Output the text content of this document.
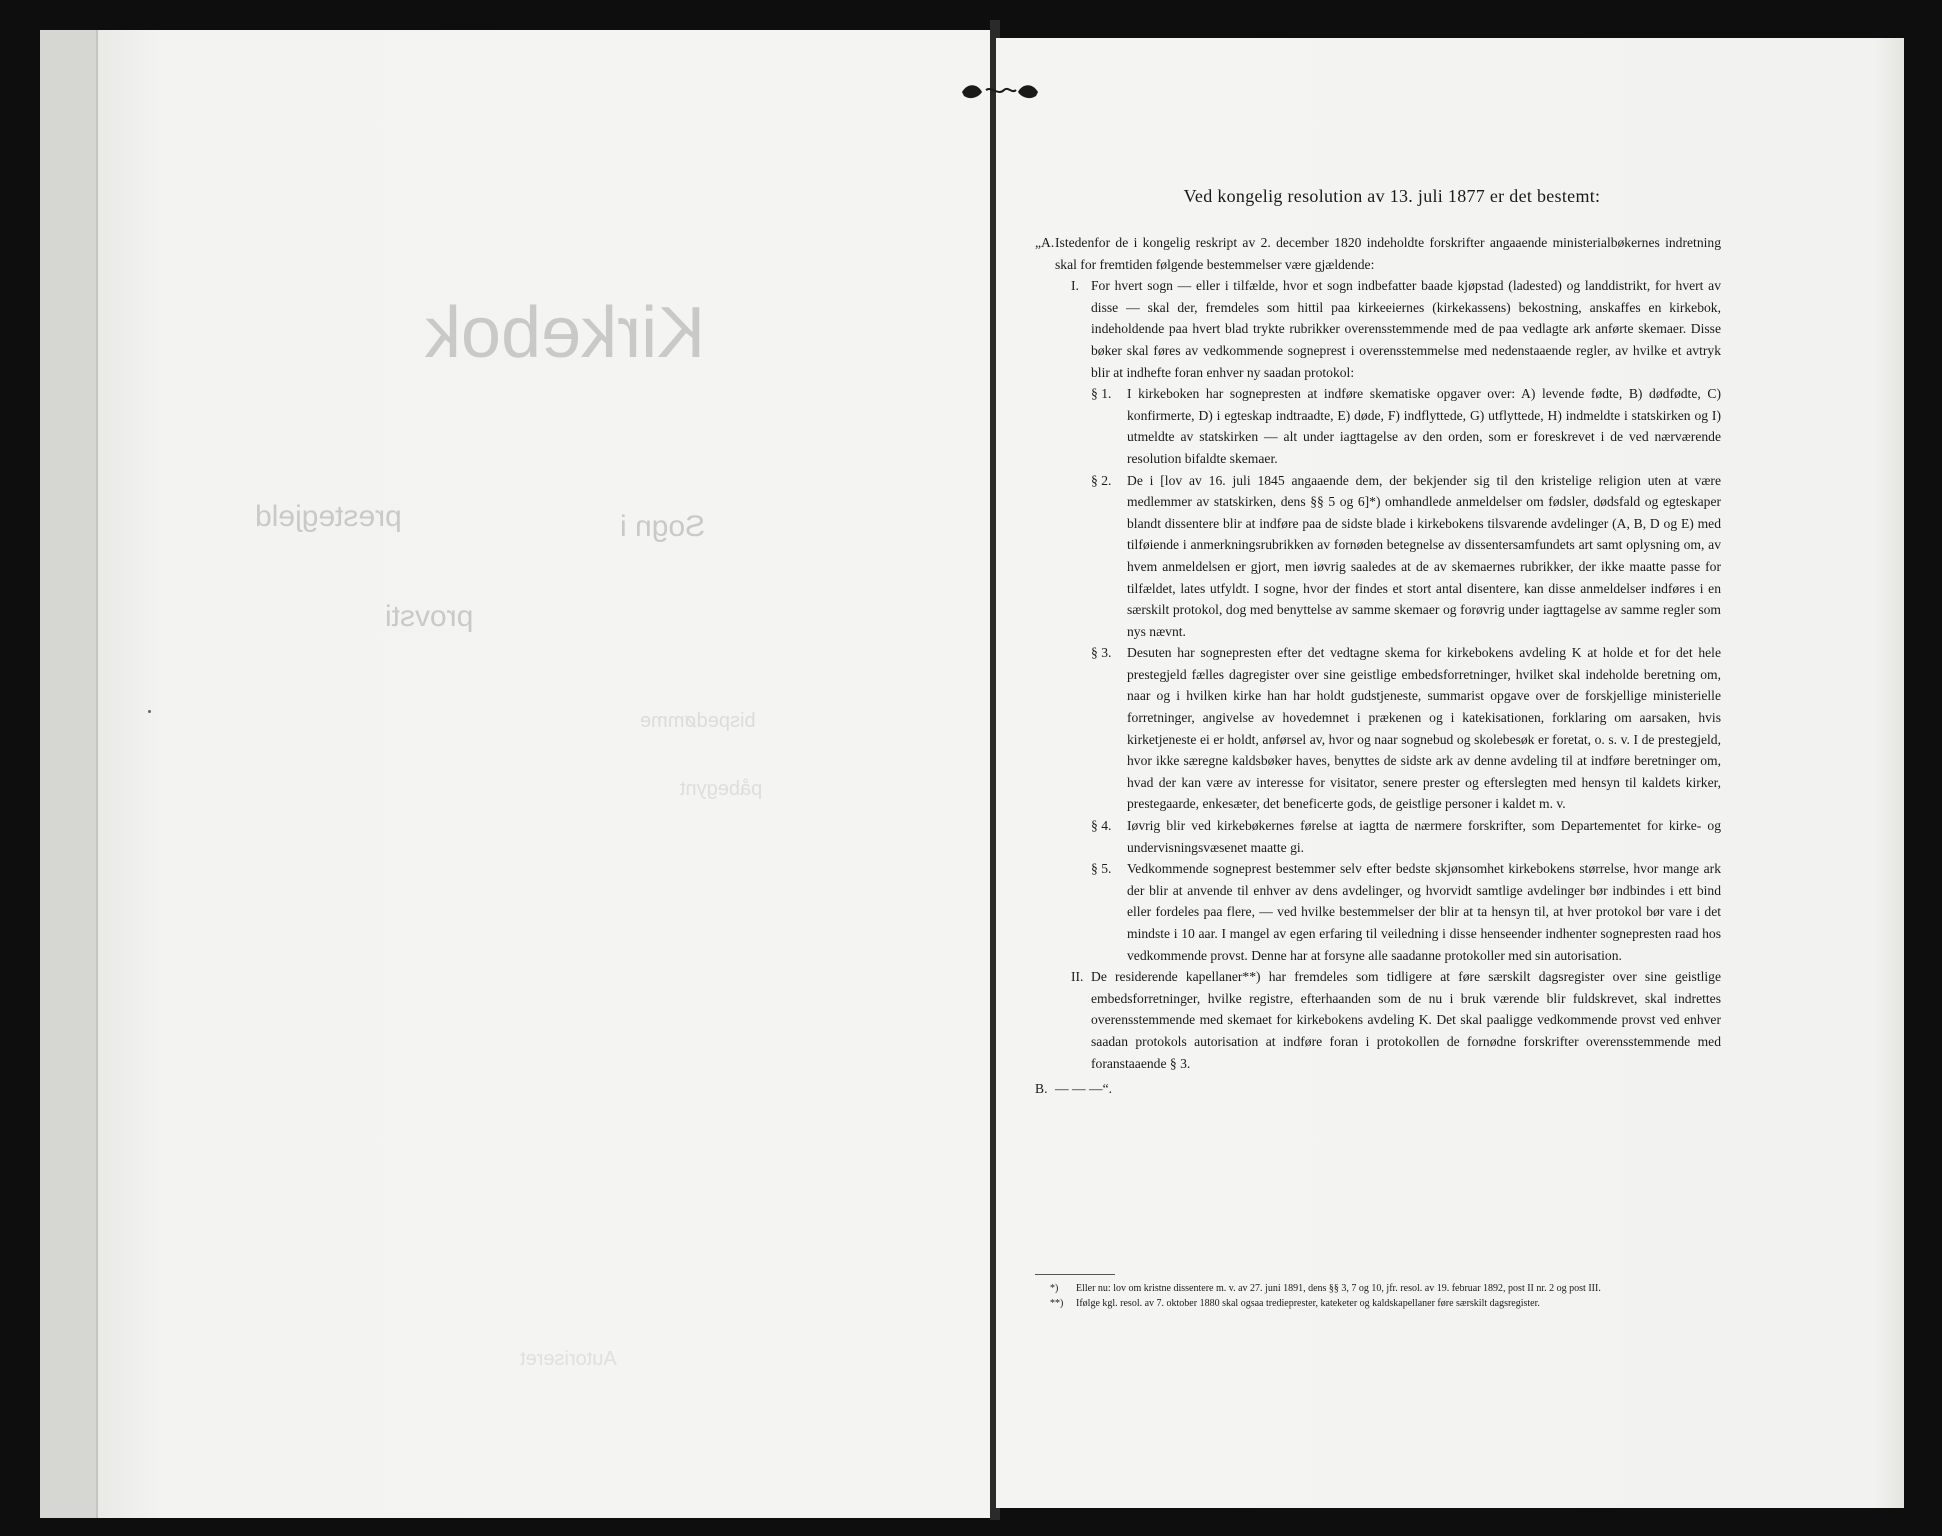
Kirkebok
prestegjeld	Sogn i
provsti
bispedømme
påbegynt
Autoriseret
Ved kongelig resolution av 13. juli 1877 er det bestemt:

„A. Istedenfor de i kongelig reskript av 2. december 1820 indeholdte forskrifter angaaende ministerialbøkernes indretning skal for fremtiden følgende bestemmelser være gjældende:

I. For hvert sogn — eller i tilfælde, hvor et sogn indbefatter baade kjøpstad (ladested) og landdistrikt, for hvert av disse — skal der, fremdeles som hittil paa kirkeeiernes (kirkekassens) bekostning, anskaffes en kirkebok, indeholdende paa hvert blad trykte rubrikker overensstemmende med de paa vedlagte ark anførte skemaer. Disse bøker skal føres av vedkommende sogneprest i overensstemmelse med nedenstaaende regler, av hvilke et avtryk blir at indhefte foran enhver ny saadan protokol:

§ 1. I kirkeboken har sognepresten at indføre skematiske opgaver over: A) levende fødte, B) dødfødte, C) konfirmerte, D) i egteskap indtraadte, E) døde, F) indflyttede, G) utflyttede, H) indmeldte i statskirken og I) utmeldte av statskirken — alt under iagttagelse av den orden, som er foreskrevet i de ved nærværende resolution bifaldte skemaer.

§ 2. De i [lov av 16. juli 1845 angaaende dem, der bekjender sig til den kristelige religion uten at være medlemmer av statskirken, dens §§ 5 og 6]*) omhandlede anmeldelser om fødsler, dødsfald og egteskaper blandt dissentere blir at indføre paa de sidste blade i kirkebokens tilsvarende avdelinger (A, B, D og E) med tilføiende i anmerkningsrubrikken av fornøden betegnelse av dissentersamfundets art samt oplysning om, av hvem anmeldelsen er gjort, men iøvrig saaledes at de av skemaernes rubrikker, der ikke maatte passe for tilfældet, lates utfyldt. I sogne, hvor der findes et stort antal disentere, kan disse anmeldelser indføres i en særskilt protokol, dog med benyttelse av samme skemaer og forøvrig under iagttagelse av samme regler som nys nævnt.

§ 3. Desuten har sognepresten efter det vedtagne skema for kirkebokens avdeling K at holde et for det hele prestegjeld fælles dagregister over sine geistlige embedsforretninger, hvilket skal indeholde beretning om, naar og i hvilken kirke han har holdt gudstjeneste, summarist opgave over de forskjellige ministerielle forretninger, angivelse av hovedemnet i prækenen og i katekisationen, forklaring om aarsaken, hvis kirketjeneste ei er holdt, anførsel av, hvor og naar sognebud og skolebesøk er foretat, o. s. v. I de prestegjeld, hvor ikke særegne kaldsbøker haves, benyttes de sidste ark av denne avdeling til at indføre beretninger om, hvad der kan være av interesse for visitator, senere prester og efterslegten med hensyn til kaldets kirker, prestegaarde, enkesæter, det beneficerte gods, de geistlige personer i kaldet m. v.

§ 4. Iøvrig blir ved kirkebøkernes førelse at iagtta de nærmere forskrifter, som Departementet for kirke- og undervisningsvæsenet maatte gi.

§ 5. Vedkommende sogneprest bestemmer selv efter bedste skjønsomhet kirkebokens størrelse, hvor mange ark der blir at anvende til enhver av dens avdelinger, og hvorvidt samtlige avdelinger bør indbindes i ett bind eller fordeles paa flere, — ved hvilke bestemmelser der blir at ta hensyn til, at hver protokol bør vare i det mindste i 10 aar. I mangel av egen erfaring til veiledning i disse henseender indhenter sognepresten raad hos vedkommende provst. Denne har at forsyne alle saadanne protokoller med sin autorisation.

II. De residerende kapellaner**) har fremdeles som tidligere at føre særskilt dagsregister over sine geistlige embedsforretninger, hvilke registre, efterhaanden som de nu i bruk værende blir fuldskrevet, skal indrettes overensstemmende med skemaet for kirkebokens avdeling K. Det skal paaligge vedkommende provst ved enhver saadan protokols autorisation at indføre foran i protokollen de fornødne forskrifter overensstemmende med foranstaaende § 3.

B. — — —“.

*) Eller nu: lov om kristne dissentere m. v. av 27. juni 1891, dens §§ 3, 7 og 10, jfr. resol. av 19. februar 1892, post II nr. 2 og post III.

**) Ifølge kgl. resol. av 7. oktober 1880 skal ogsaa tredieprester, kateketer og kaldskapellaner føre særskilt dagsregister.
